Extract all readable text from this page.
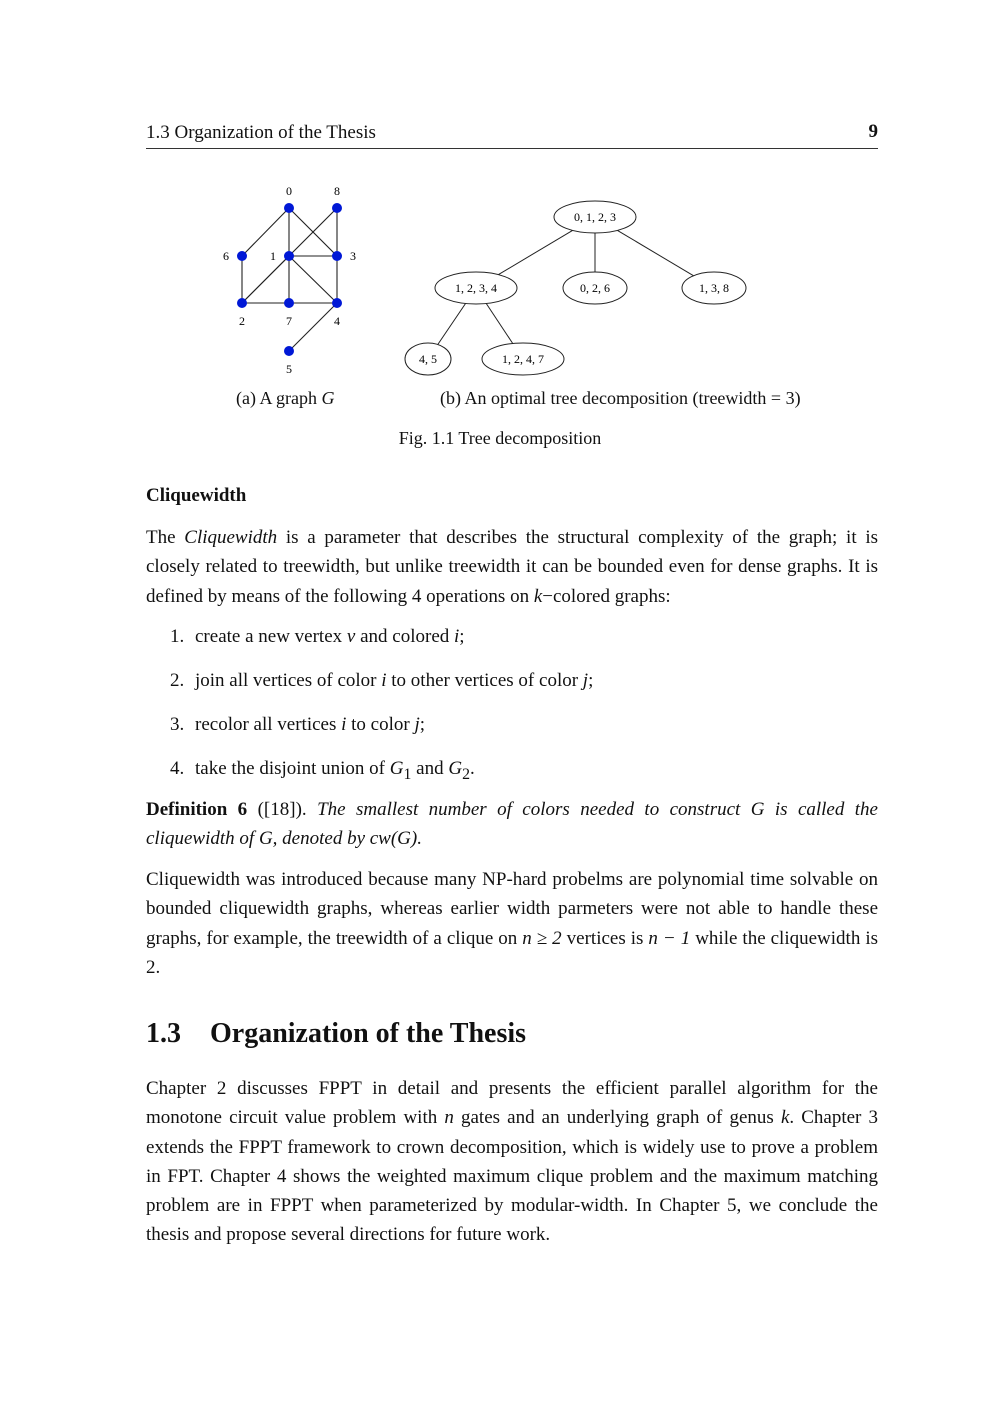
1.3 Organization of the Thesis	9
0	8
6	1	3
2	7	4
5
0, 1, 2, 3
1, 2, 3, 4	0, 2, 6	1, 3, 8
4, 5	1, 2, 4, 7
(a) A graph G	(b) An optimal tree decomposition (treewidth = 3)
Fig. 1.1 Tree decomposition
Cliquewidth
The Cliquewidth is a parameter that describes the structural complexity of the graph; it is closely related to treewidth, but unlike treewidth it can be bounded even for dense graphs. It is defined by means of the following 4 operations on k−colored graphs:
1. create a new vertex v and colored i;
2. join all vertices of color i to other vertices of color j;
3. recolor all vertices i to color j;
4. take the disjoint union of $G_1$ and $G_2$.
Definition 6 ([18]). The smallest number of colors needed to construct G is called the cliquewidth of G, denoted by cw(G).
Cliquewidth was introduced because many NP-hard probelms are polynomial time solvable on bounded cliquewidth graphs, whereas earlier width parmeters were not able to handle these graphs, for example, the treewidth of a clique on n ≥ 2 vertices is n − 1 while the cliquewidth is 2.
1.3 Organization of the Thesis
Chapter 2 discusses FPPT in detail and presents the efficient parallel algorithm for the monotone circuit value problem with n gates and an underlying graph of genus k. Chapter 3 extends the FPPT framework to crown decomposition, which is widely use to prove a problem in FPT. Chapter 4 shows the weighted maximum clique problem and the maximum matching problem are in FPPT when parameterized by modular-width. In Chapter 5, we conclude the thesis and propose several directions for future work.
